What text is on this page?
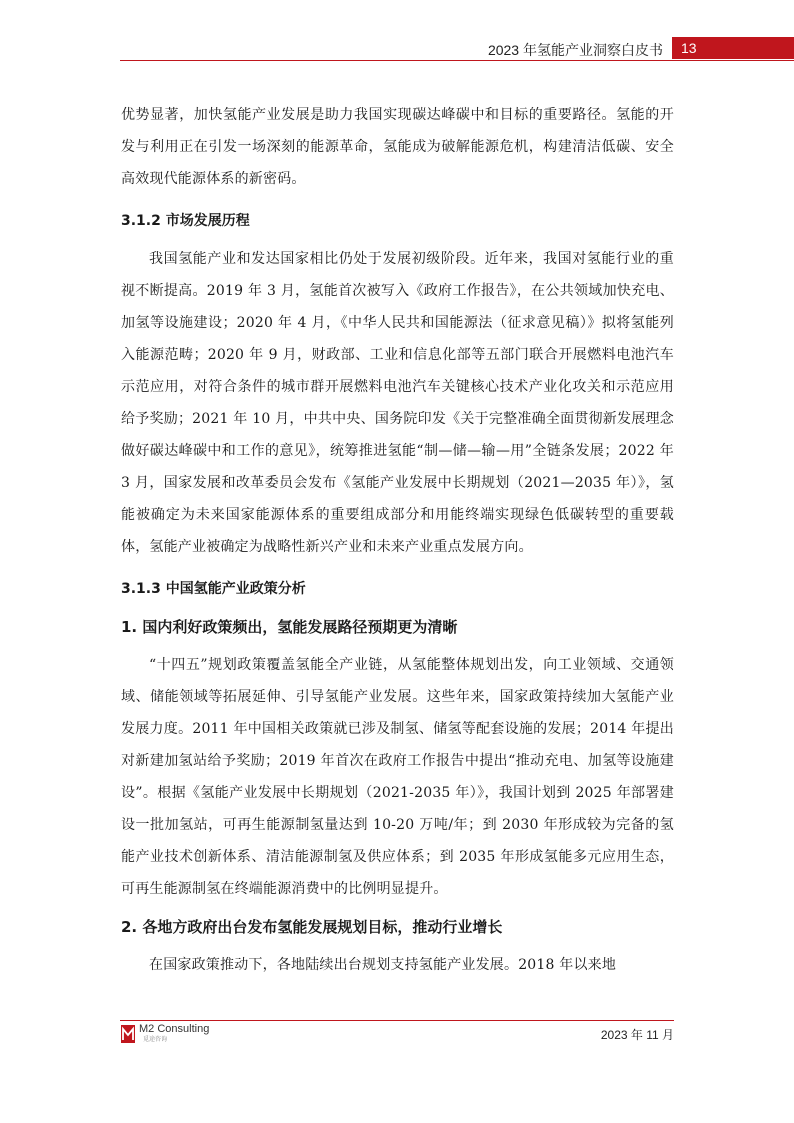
2023 年氢能产业洞察白皮书	13

优势显著，加快氢能产业发展是助力我国实现碳达峰碳中和目标的重要路径。氢能的开发与利用正在引发一场深刻的能源革命，氢能成为破解能源危机，构建清洁低碳、安全高效现代能源体系的新密码。

3.1.2 市场发展历程

我国氢能产业和发达国家相比仍处于发展初级阶段。近年来，我国对氢能行业的重视不断提高。2019 年 3 月，氢能首次被写入《政府工作报告》，在公共领域加快充电、加氢等设施建设；2020 年 4 月，《中华人民共和国能源法（征求意见稿）》拟将氢能列入能源范畴；2020 年 9 月，财政部、工业和信息化部等五部门联合开展燃料电池汽车示范应用，对符合条件的城市群开展燃料电池汽车关键核心技术产业化攻关和示范应用给予奖励；2021 年 10 月，中共中央、国务院印发《关于完整准确全面贯彻新发展理念做好碳达峰碳中和工作的意见》，统筹推进氢能“制—储—输—用”全链条发展；2022 年 3 月，国家发展和改革委员会发布《氢能产业发展中长期规划（2021—2035 年）》，氢能被确定为未来国家能源体系的重要组成部分和用能终端实现绿色低碳转型的重要载体，氢能产业被确定为战略性新兴产业和未来产业重点发展方向。

3.1.3 中国氢能产业政策分析

1. 国内利好政策频出，氢能发展路径预期更为清晰

“十四五”规划政策覆盖氢能全产业链，从氢能整体规划出发，向工业领域、交通领域、储能领域等拓展延伸、引导氢能产业发展。这些年来，国家政策持续加大氢能产业发展力度。2011 年中国相关政策就已涉及制氢、储氢等配套设施的发展；2014 年提出对新建加氢站给予奖励；2019 年首次在政府工作报告中提出“推动充电、加氢等设施建设”。根据《氢能产业发展中长期规划（2021-2035 年）》，我国计划到 2025 年部署建设一批加氢站，可再生能源制氢量达到 10-20 万吨/年；到 2030 年形成较为完备的氢能产业技术创新体系、清洁能源制氢及供应体系；到 2035 年形成氢能多元应用生态，可再生能源制氢在终端能源消费中的比例明显提升。

2. 各地方政府出台发布氢能发展规划目标，推动行业增长

在国家政策推动下，各地陆续出台规划支持氢能产业发展。2018 年以来地

M2 Consulting
觅途咨询	2023 年 11 月
